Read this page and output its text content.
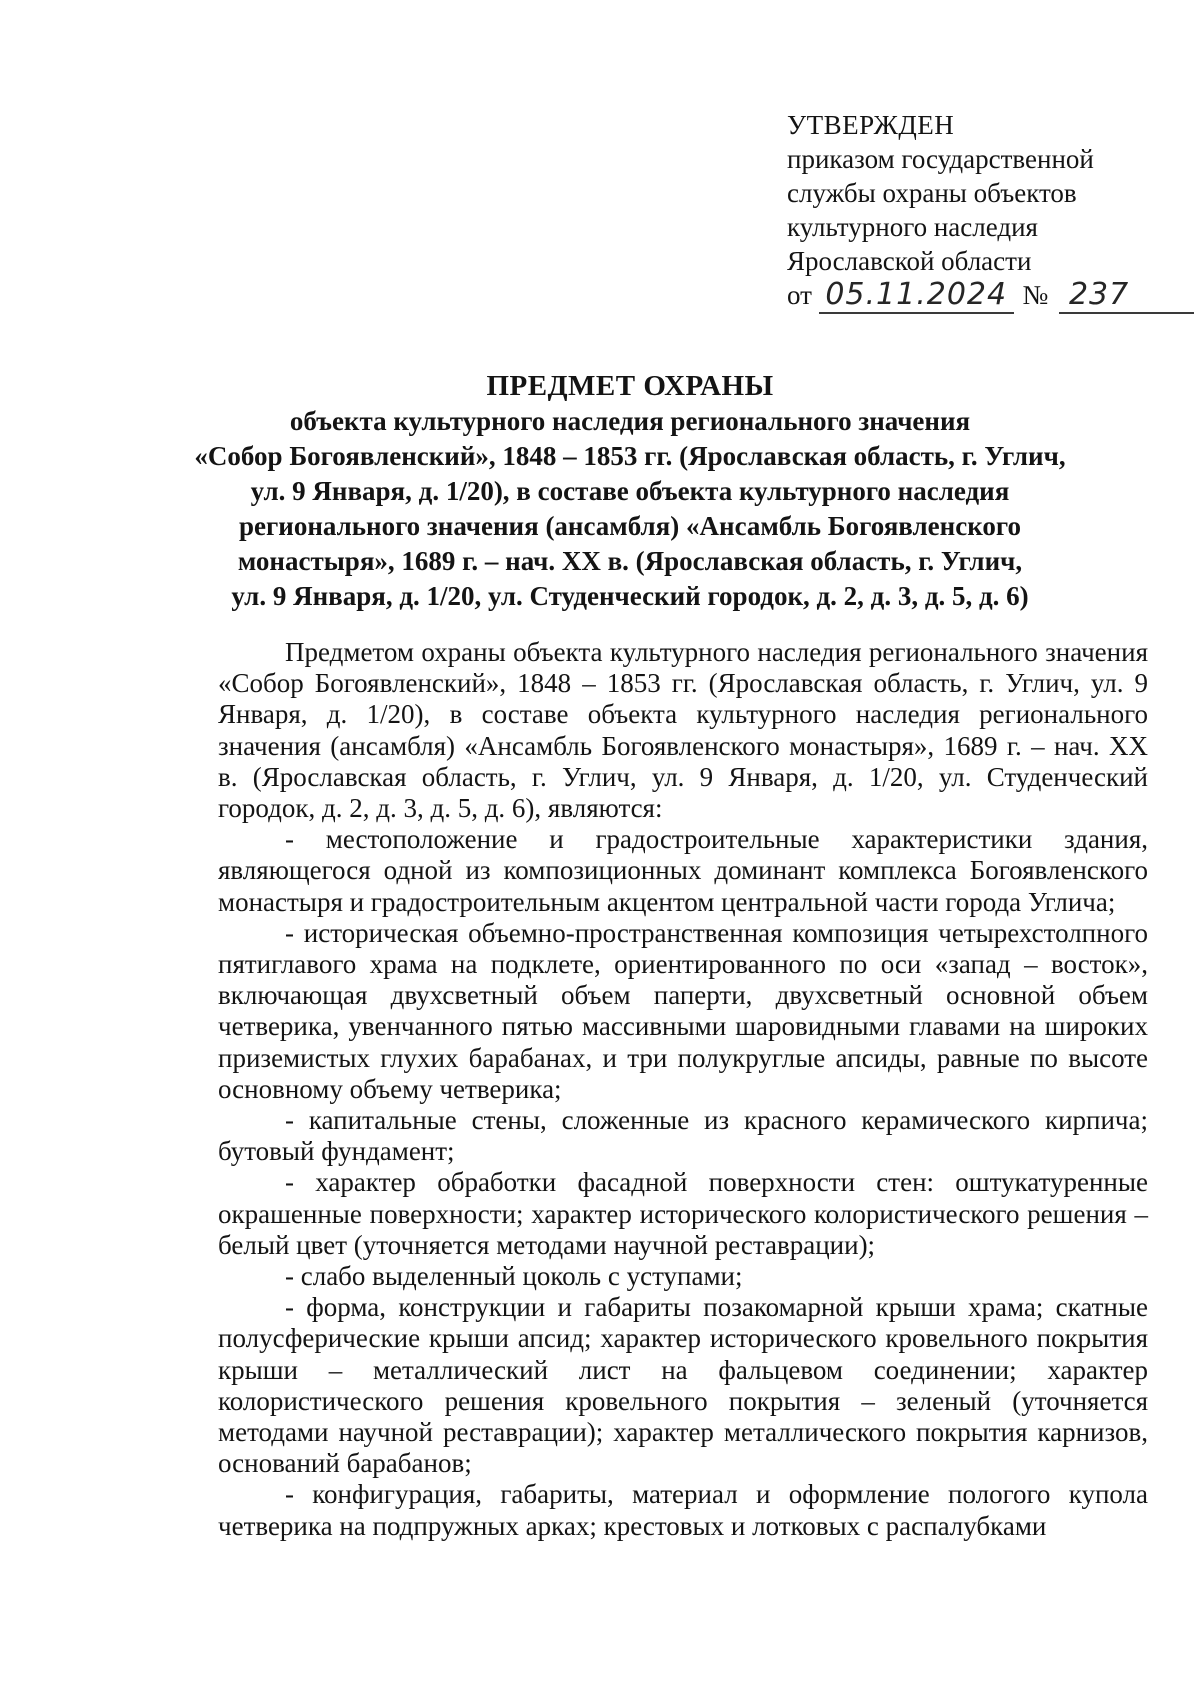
УТВЕРЖДЕН
приказом государственной
службы охраны объектов
культурного наследия
Ярославской области
от 05.11.2024 № 237
ПРЕДМЕТ ОХРАНЫ
объекта культурного наследия регионального значения
«Собор Богоявленский», 1848 – 1853 гг. (Ярославская область, г. Углич,
ул. 9 Января, д. 1/20), в составе объекта культурного наследия
регионального значения (ансамбля) «Ансамбль Богоявленского
монастыря», 1689 г. – нач. XX в. (Ярославская область, г. Углич,
ул. 9 Января, д. 1/20, ул. Студенческий городок, д. 2, д. 3, д. 5, д. 6)

Предметом охраны объекта культурного наследия регионального значения «Собор Богоявленский», 1848 – 1853 гг. (Ярославская область, г. Углич, ул. 9 Января, д. 1/20), в составе объекта культурного наследия регионального значения (ансамбля) «Ансамбль Богоявленского монастыря», 1689 г. – нач. XX в. (Ярославская область, г. Углич, ул. 9 Января, д. 1/20, ул. Студенческий городок, д. 2, д. 3, д. 5, д. 6), являются:

- местоположение и градостроительные характеристики здания, являющегося одной из композиционных доминант комплекса Богоявленского монастыря и градостроительным акцентом центральной части города Углича;

- историческая объемно-пространственная композиция четырехстолпного пятиглавого храма на подклете, ориентированного по оси «запад – восток», включающая двухсветный объем паперти, двухсветный основной объем четверика, увенчанного пятью массивными шаровидными главами на широких приземистых глухих барабанах, и три полукруглые апсиды, равные по высоте основному объему четверика;

- капитальные стены, сложенные из красного керамического кирпича; бутовый фундамент;

- характер обработки фасадной поверхности стен: оштукатуренные окрашенные поверхности; характер исторического колористического решения – белый цвет (уточняется методами научной реставрации);

- слабо выделенный цоколь с уступами;

- форма, конструкции и габариты позакомарной крыши храма; скатные полусферические крыши апсид; характер исторического кровельного покрытия крыши – металлический лист на фальцевом соединении; характер колористического решения кровельного покрытия – зеленый (уточняется методами научной реставрации); характер металлического покрытия карнизов, оснований барабанов;

- конфигурация, габариты, материал и оформление пологого купола четверика на подпружных арках; крестовых и лотковых с распалубками
